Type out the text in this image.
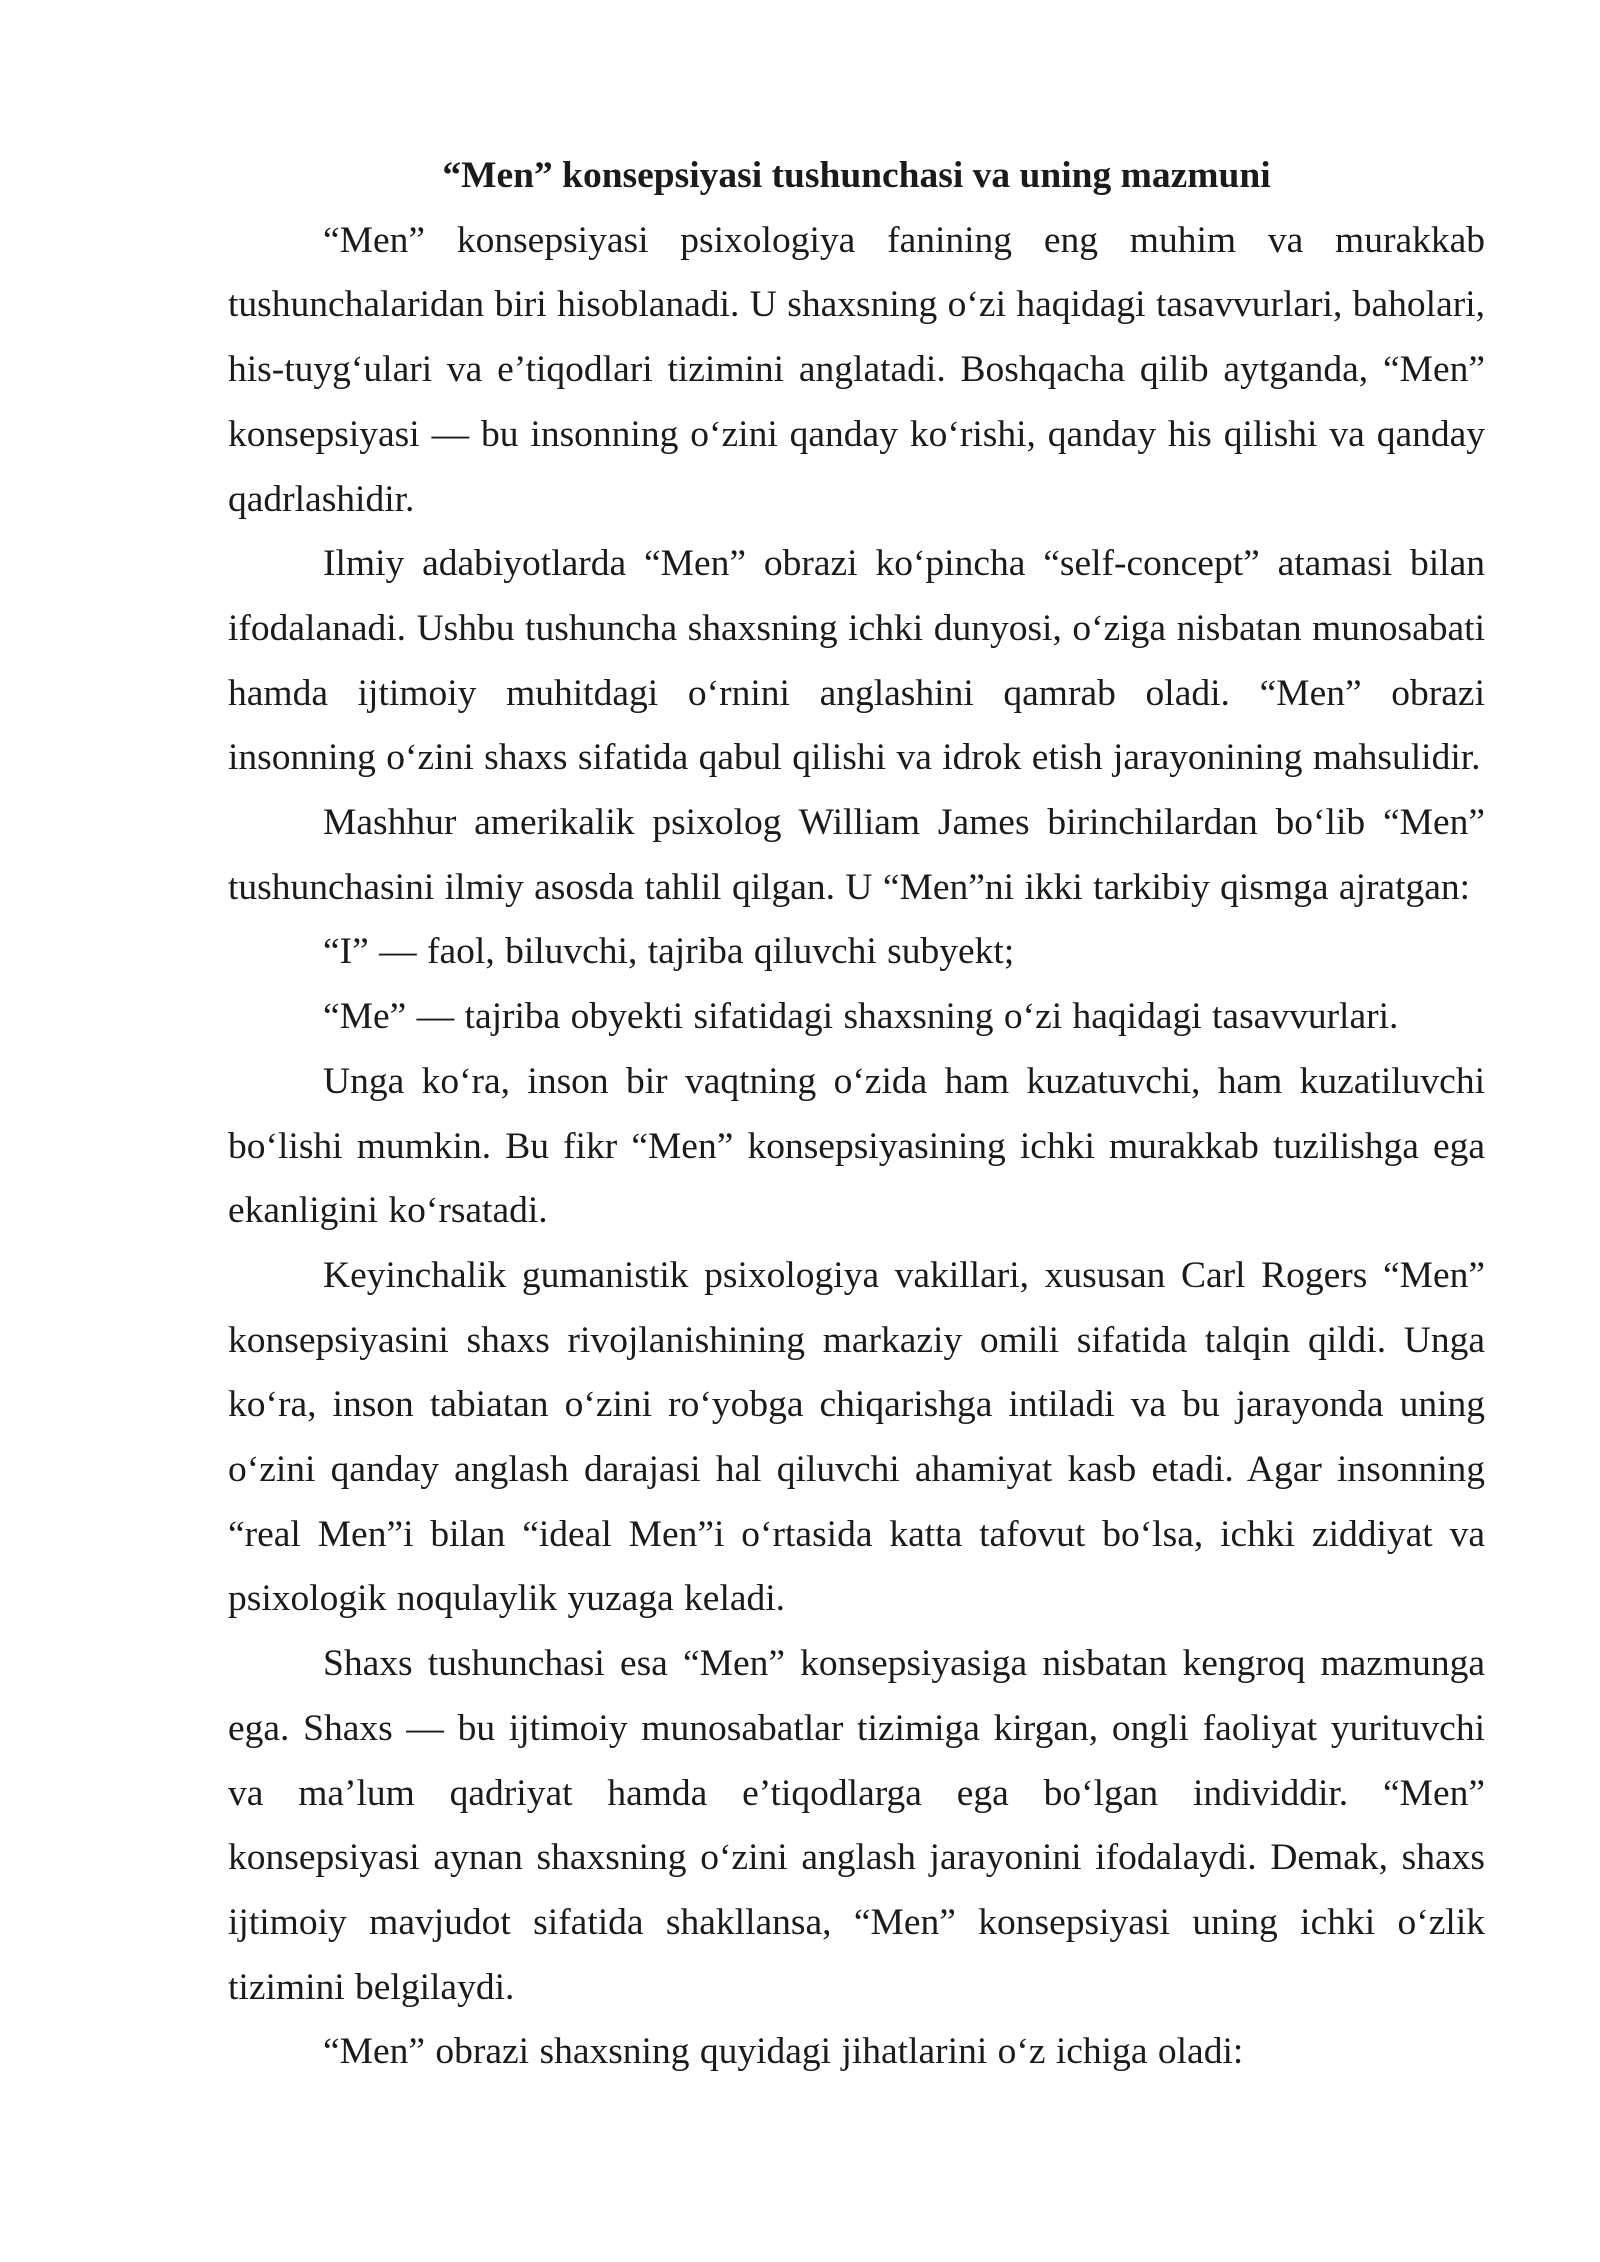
“Men” konsepsiyasi tushunchasi va uning mazmuni

“Men” konsepsiyasi psixologiya fanining eng muhim va murakkab tushunchalaridan biri hisoblanadi. U shaxsning o‘zi haqidagi tasavvurlari, baholari, his-tuyg‘ulari va e’tiqodlari tizimini anglatadi. Boshqacha qilib aytganda, “Men” konsepsiyasi — bu insonning o‘zini qanday ko‘rishi, qanday his qilishi va qanday qadrlashidir.

Ilmiy adabiyotlarda “Men” obrazi ko‘pincha “self-concept” atamasi bilan ifodalanadi. Ushbu tushuncha shaxsning ichki dunyosi, o‘ziga nisbatan munosabati hamda ijtimoiy muhitdagi o‘rnini anglashini qamrab oladi. “Men” obrazi insonning o‘zini shaxs sifatida qabul qilishi va idrok etish jarayonining mahsulidir.

Mashhur amerikalik psixolog William James birinchilardan bo‘lib “Men” tushunchasini ilmiy asosda tahlil qilgan. U “Men”ni ikki tarkibiy qismga ajratgan:

“I” — faol, biluvchi, tajriba qiluvchi subyekt;

“Me” — tajriba obyekti sifatidagi shaxsning o‘zi haqidagi tasavvurlari.

Unga ko‘ra, inson bir vaqtning o‘zida ham kuzatuvchi, ham kuzatiluvchi bo‘lishi mumkin. Bu fikr “Men” konsepsiyasining ichki murakkab tuzilishga ega ekanligini ko‘rsatadi.

Keyinchalik gumanistik psixologiya vakillari, xususan Carl Rogers “Men” konsepsiyasini shaxs rivojlanishining markaziy omili sifatida talqin qildi. Unga ko‘ra, inson tabiatan o‘zini ro‘yobga chiqarishga intiladi va bu jarayonda uning o‘zini qanday anglash darajasi hal qiluvchi ahamiyat kasb etadi. Agar insonning “real Men”i bilan “ideal Men”i o‘rtasida katta tafovut bo‘lsa, ichki ziddiyat va psixologik noqulaylik yuzaga keladi.

Shaxs tushunchasi esa “Men” konsepsiyasiga nisbatan kengroq mazmunga ega. Shaxs — bu ijtimoiy munosabatlar tizimiga kirgan, ongli faoliyat yurituvchi va ma’lum qadriyat hamda e’tiqodlarga ega bo‘lgan individdir. “Men” konsepsiyasi aynan shaxsning o‘zini anglash jarayonini ifodalaydi. Demak, shaxs ijtimoiy mavjudot sifatida shakllansa, “Men” konsepsiyasi uning ichki o‘zlik tizimini belgilaydi.

“Men” obrazi shaxsning quyidagi jihatlarini o‘z ichiga oladi:
